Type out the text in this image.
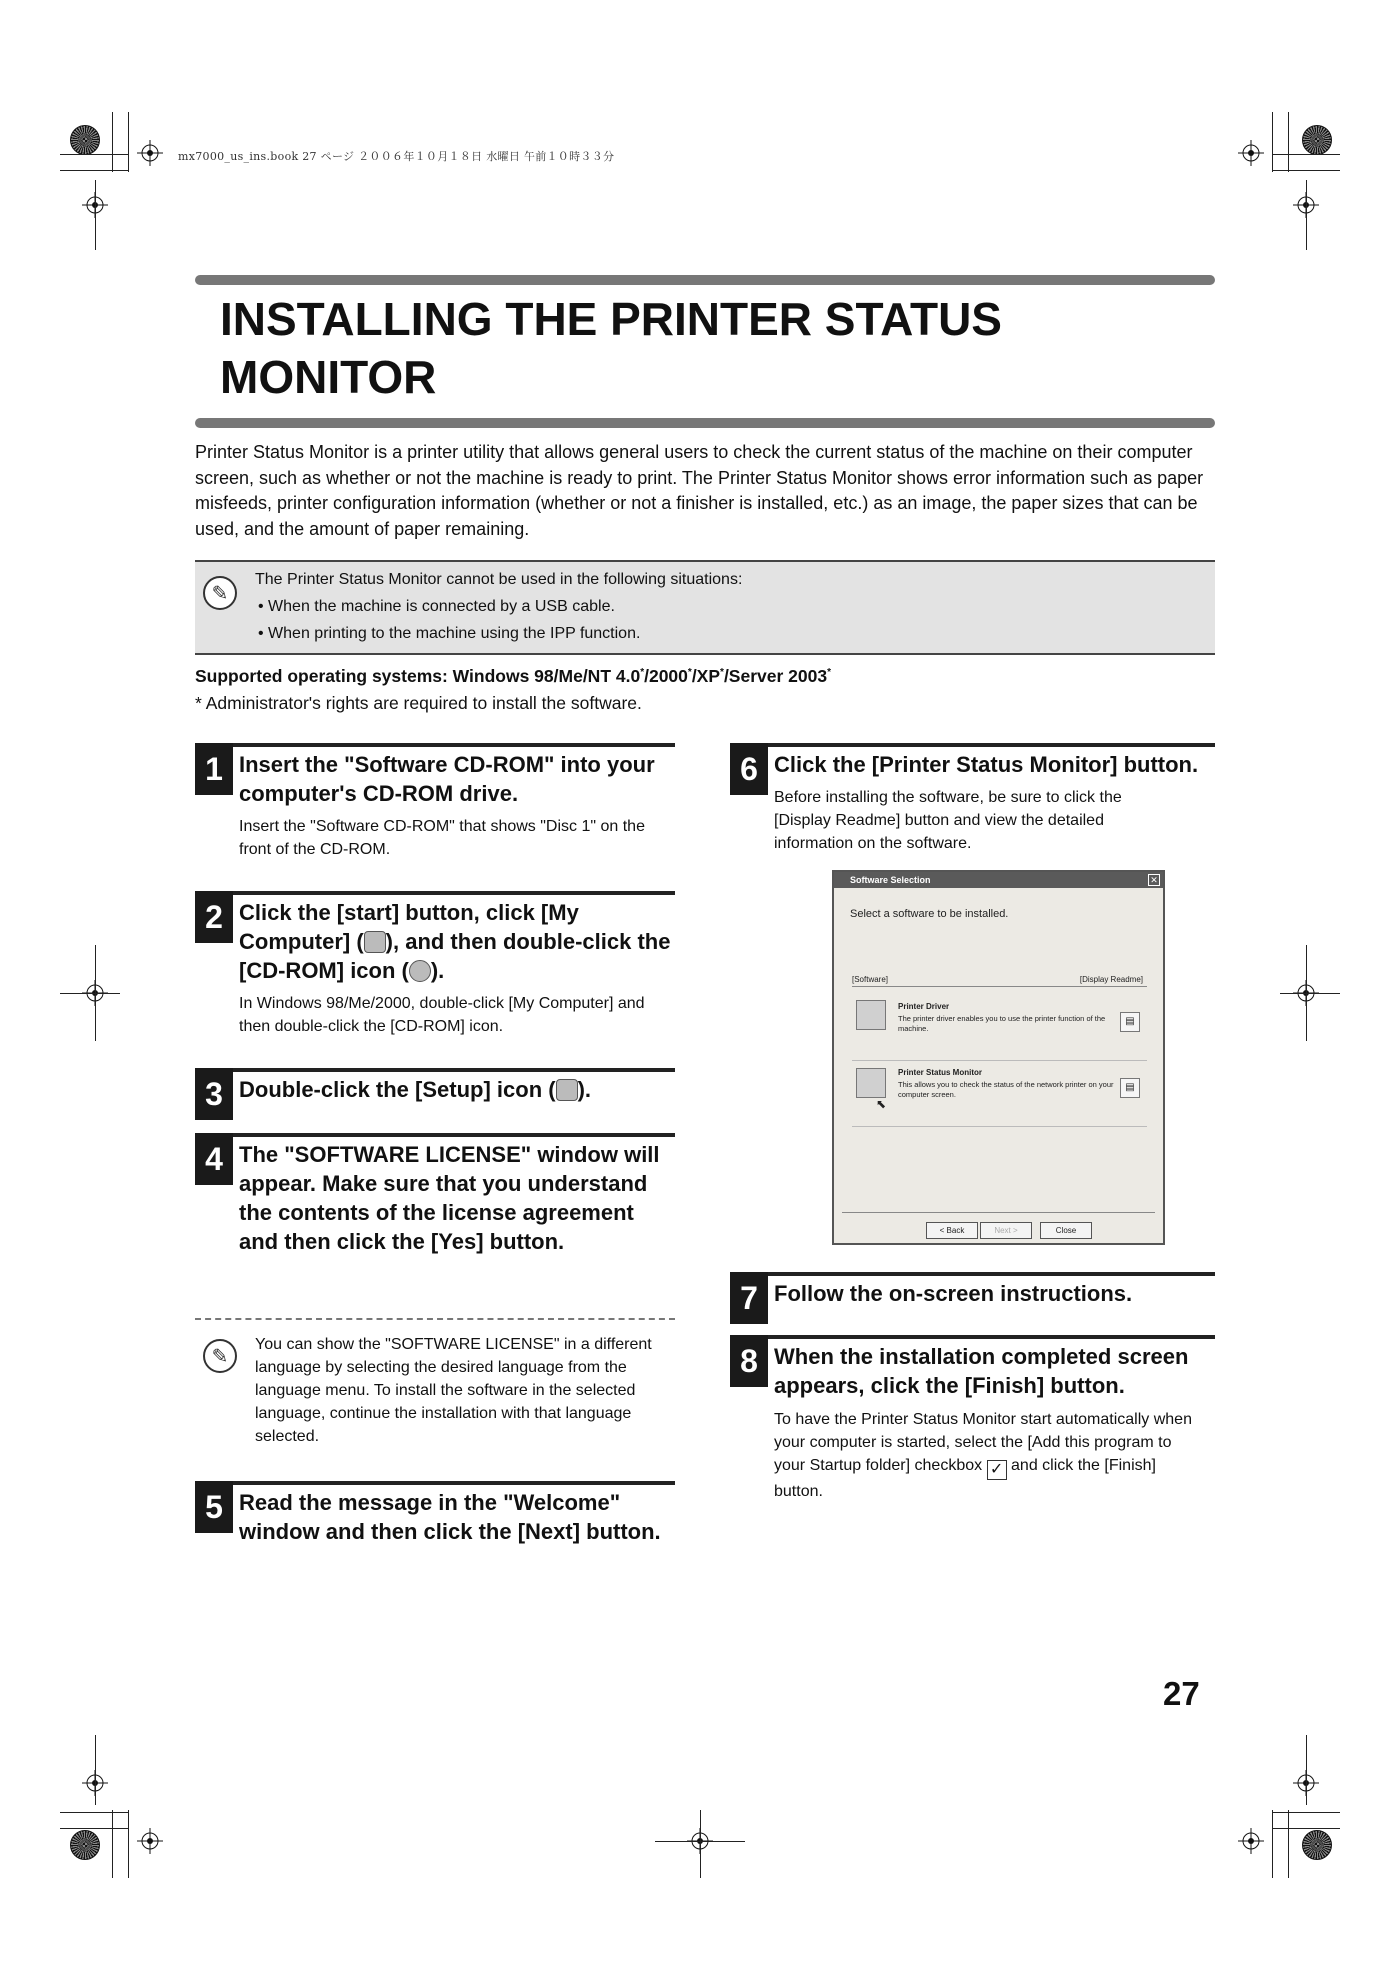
mx7000_us_ins.book 27 ページ ２００６年１０月１８日 水曜日 午前１０時３３分
INSTALLING THE PRINTER STATUS MONITOR
Printer Status Monitor is a printer utility that allows general users to check the current status of the machine on their computer screen, such as whether or not the machine is ready to print. The Printer Status Monitor shows error information such as paper misfeeds, printer configuration information (whether or not a finisher is installed, etc.) as an image, the paper sizes that can be used, and the amount of paper remaining.
✎
The Printer Status Monitor cannot be used in the following situations:
• When the machine is connected by a USB cable.
• When printing to the machine using the IPP function.
Supported operating systems: Windows 98/Me/NT 4.0*/2000*/XP*/Server 2003*
* Administrator's rights are required to install the software.
1 Insert the "Software CD-ROM" into your computer's CD-ROM drive.
Insert the "Software CD-ROM" that shows "Disc 1" on the front of the CD-ROM.
2 Click the [start] button, click [My Computer] ( ), and then double-click the [CD-ROM] icon ( ).
In Windows 98/Me/2000, double-click [My Computer] and then double-click the [CD-ROM] icon.
3 Double-click the [Setup] icon ( ).
4 The "SOFTWARE LICENSE" window will appear. Make sure that you understand the contents of the license agreement and then click the [Yes] button.
✎
You can show the "SOFTWARE LICENSE" in a different language by selecting the desired language from the language menu. To install the software in the selected language, continue the installation with that language selected.
5 Read the message in the "Welcome" window and then click the [Next] button.
6 Click the [Printer Status Monitor] button.
Before installing the software, be sure to click the [Display Readme] button and view the detailed information on the software.
Software Selection	✕
Select a software to be installed.
[Software]	[Display Readme]
Printer Driver
The printer driver enables you to use the printer function of the machine.
▤
Printer Status Monitor
This allows you to check the status of the network printer on your computer screen.
▤
⬉
< Back	Next >	Close
7 Follow the on-screen instructions.
8 When the installation completed screen appears, click the [Finish] button.
To have the Printer Status Monitor start automatically when your computer is started, select the [Add this program to your Startup folder] checkbox ✓ and click the [Finish] button.
27
